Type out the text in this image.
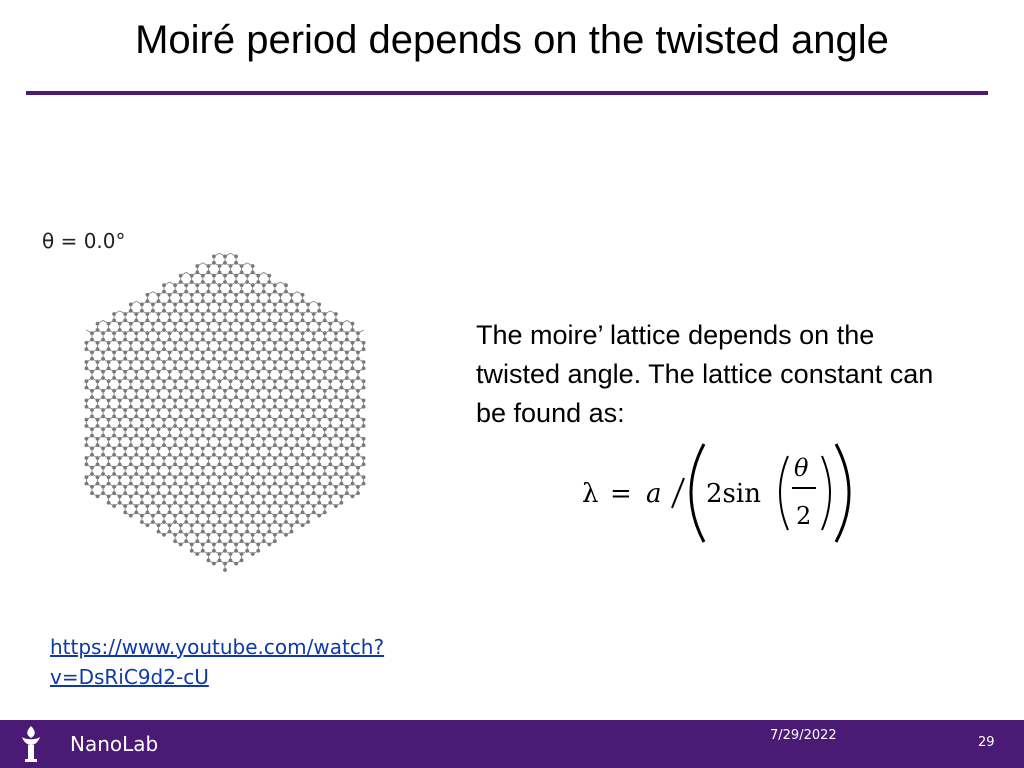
Moiré period depends on the twisted angle
θ = 0.0°
The moire’ lattice depends on the twisted angle. The lattice constant can be found as:
λ = a 2sin
θ
2
https://www.youtube.com/watch?v=DsRiC9d2-cU
NanoLab	7/29/2022	29
